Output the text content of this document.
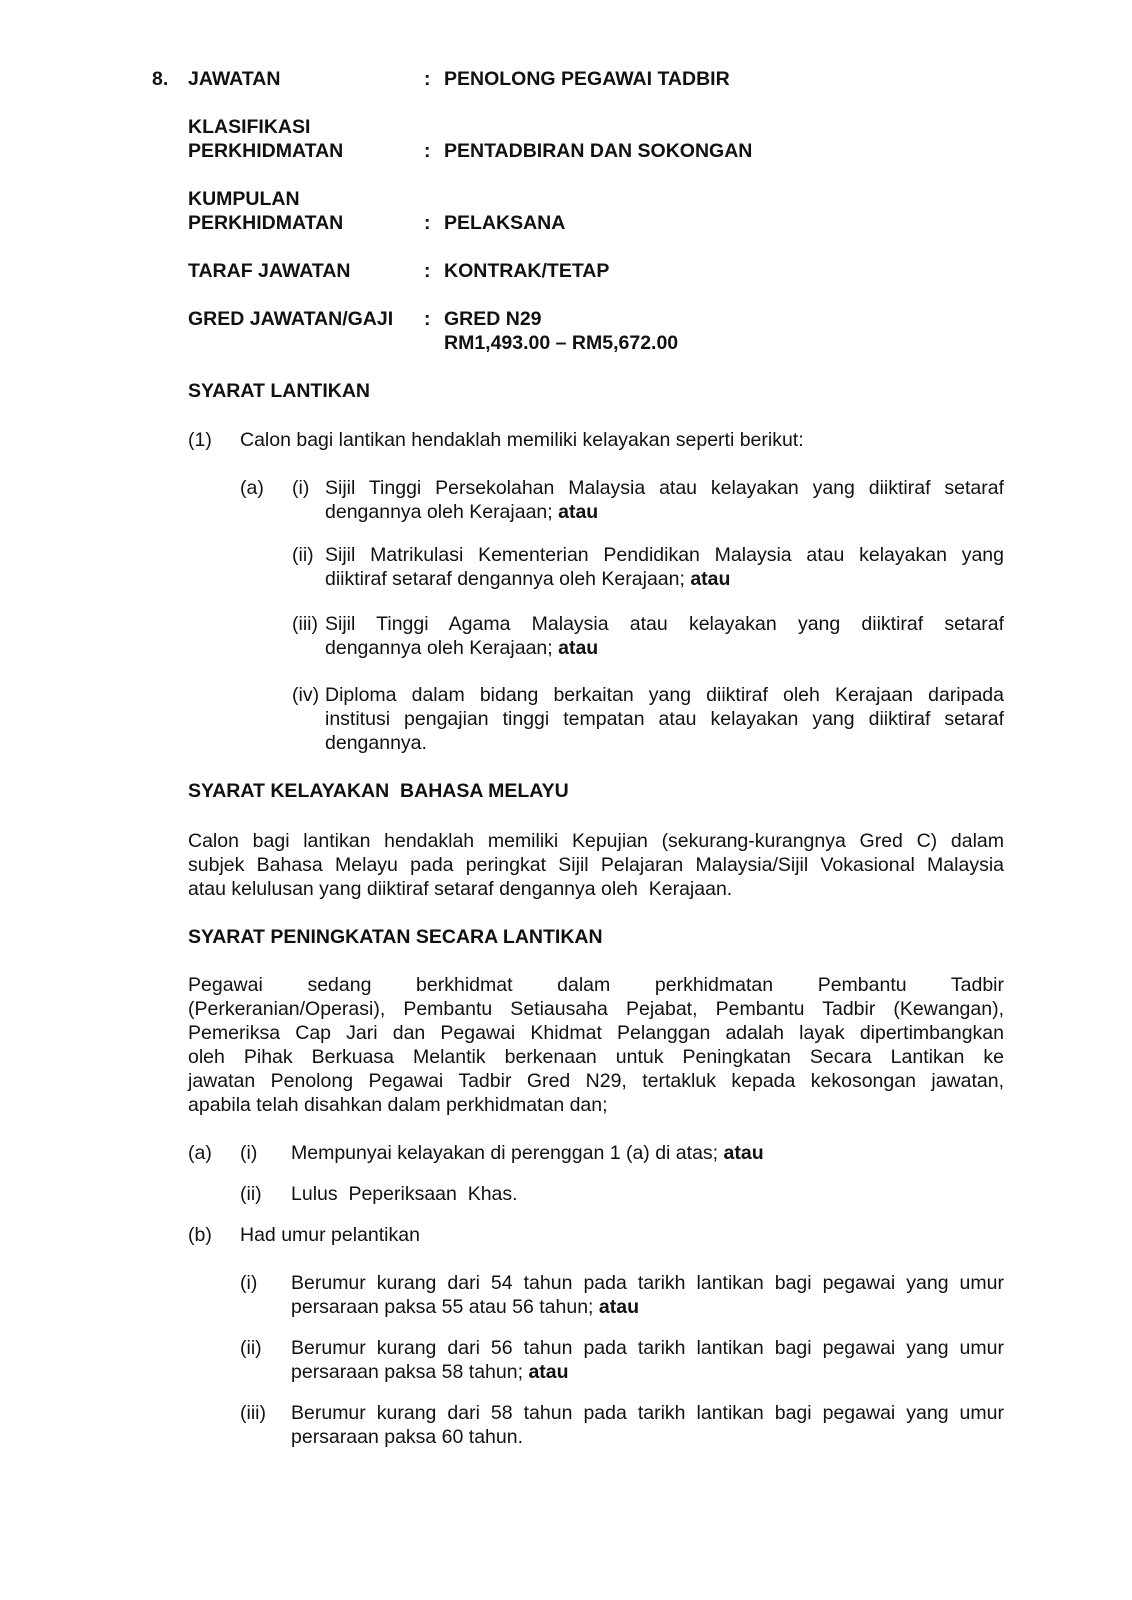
8. JAWATAN	: PENOLONG PEGAWAI TADBIR
KLASIFIKASI
PERKHIDMATAN	: PENTADBIRAN DAN SOKONGAN
KUMPULAN
PERKHIDMATAN	: PELAKSANA
TARAF JAWATAN	: KONTRAK/TETAP
GRED JAWATAN/GAJI : GRED N29
RM1,493.00 – RM5,672.00
SYARAT LANTIKAN
(1) Calon bagi lantikan hendaklah memiliki kelayakan seperti berikut:
(a) (i) Sijil Tinggi Persekolahan Malaysia atau kelayakan yang diiktiraf setaraf
dengannya oleh Kerajaan; atau
(ii) Sijil Matrikulasi Kementerian Pendidikan Malaysia atau kelayakan yang
diiktiraf setaraf dengannya oleh Kerajaan; atau
(iii) Sijil Tinggi Agama Malaysia atau kelayakan yang diiktiraf setaraf
dengannya oleh Kerajaan; atau
(iv) Diploma dalam bidang berkaitan yang diiktiraf oleh Kerajaan daripada
institusi pengajian tinggi tempatan atau kelayakan yang diiktiraf setaraf
dengannya.
SYARAT KELAYAKAN  BAHASA MELAYU
Calon bagi lantikan hendaklah memiliki Kepujian (sekurang-kurangnya Gred C) dalam
subjek Bahasa Melayu pada peringkat Sijil Pelajaran Malaysia/Sijil Vokasional Malaysia
atau kelulusan yang diiktiraf setaraf dengannya oleh  Kerajaan.
SYARAT PENINGKATAN SECARA LANTIKAN
Pegawai sedang berkhidmat dalam perkhidmatan Pembantu Tadbir
(Perkeranian/Operasi), Pembantu Setiausaha Pejabat, Pembantu Tadbir (Kewangan),
Pemeriksa Cap Jari dan Pegawai Khidmat Pelanggan adalah layak dipertimbangkan
oleh Pihak Berkuasa Melantik berkenaan untuk Peningkatan Secara Lantikan ke
jawatan Penolong Pegawai Tadbir Gred N29, tertakluk kepada kekosongan jawatan,
apabila telah disahkan dalam perkhidmatan dan;
(a) (i) Mempunyai kelayakan di perenggan 1 (a) di atas; atau
(ii) Lulus  Peperiksaan  Khas.
(b) Had umur pelantikan
(i) Berumur kurang dari 54 tahun pada tarikh lantikan bagi pegawai yang umur
persaraan paksa 55 atau 56 tahun; atau
(ii) Berumur kurang dari 56 tahun pada tarikh lantikan bagi pegawai yang umur
persaraan paksa 58 tahun; atau
(iii) Berumur kurang dari 58 tahun pada tarikh lantikan bagi pegawai yang umur
persaraan paksa 60 tahun.
